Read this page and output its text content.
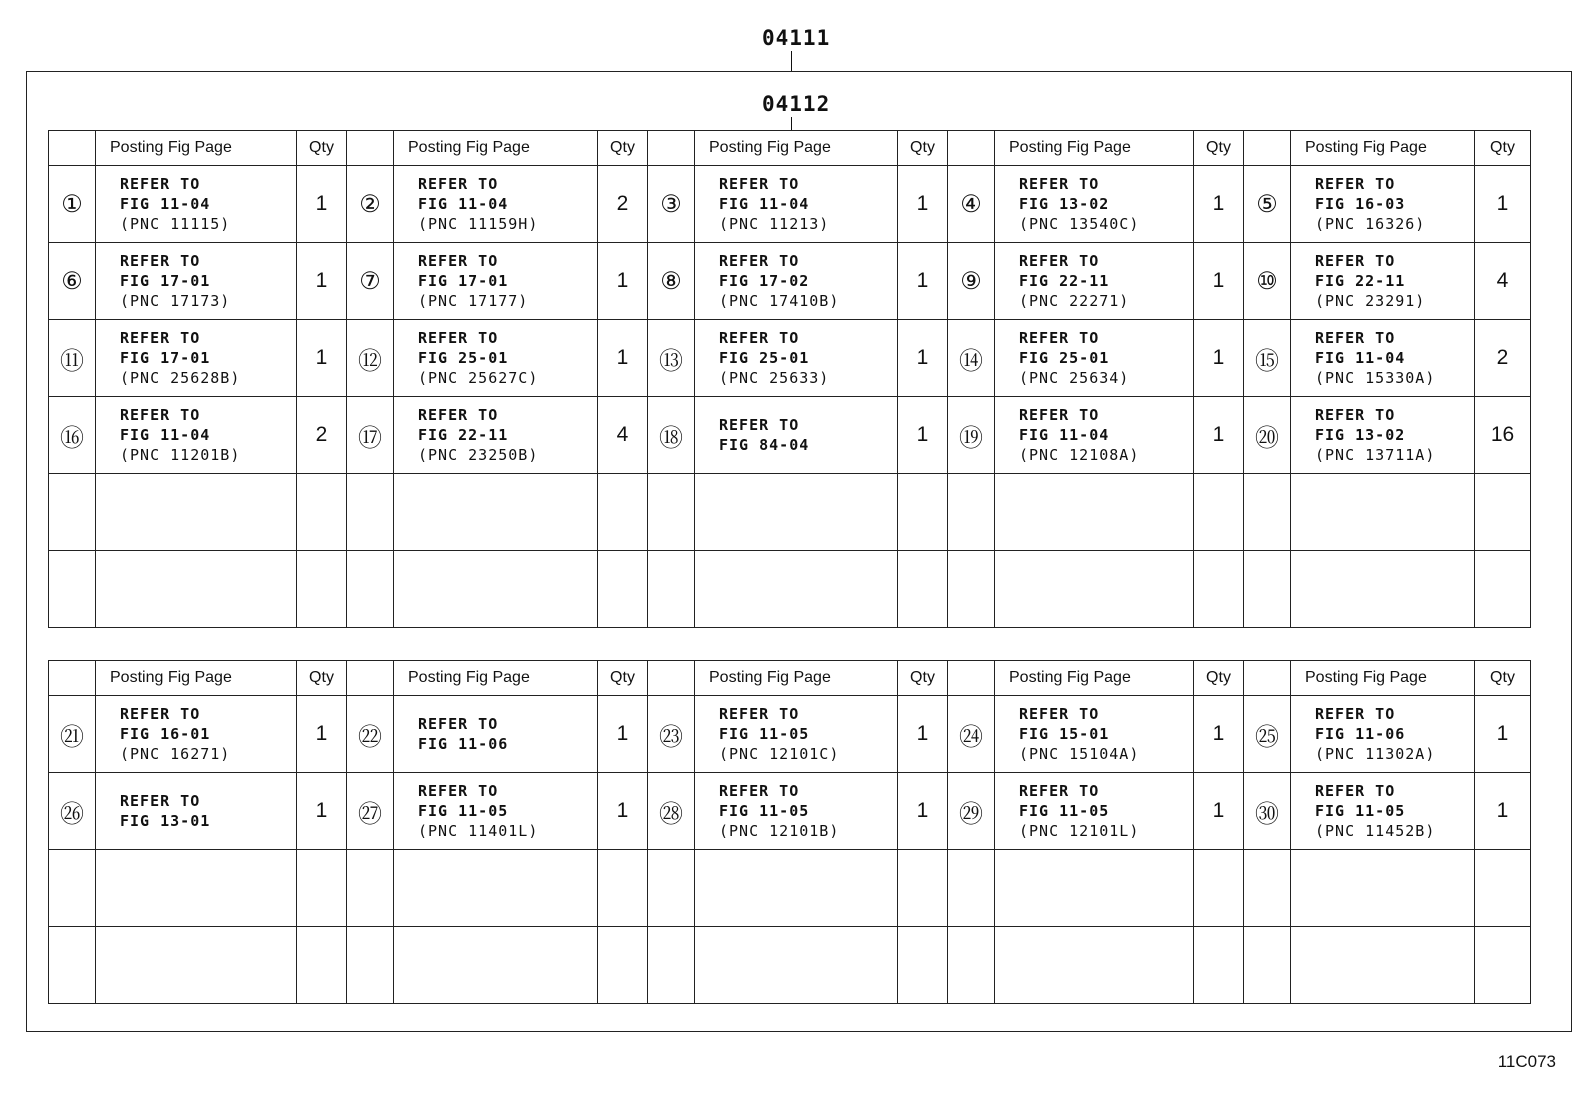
04111
04112
	Posting Fig Page	Qty		Posting Fig Page	Qty		Posting Fig Page	Qty		Posting Fig Page	Qty		Posting Fig Page	Qty
①	REFER TO
FIG 11-04
(PNC 11115)	1	②	REFER TO
FIG 11-04
(PNC 11159H)	2	③	REFER TO
FIG 11-04
(PNC 11213)	1	④	REFER TO
FIG 13-02
(PNC 13540C)	1	⑤	REFER TO
FIG 16-03
(PNC 16326)	1
⑥	REFER TO
FIG 17-01
(PNC 17173)	1	⑦	REFER TO
FIG 17-01
(PNC 17177)	1	⑧	REFER TO
FIG 17-02
(PNC 17410B)	1	⑨	REFER TO
FIG 22-11
(PNC 22271)	1	⑩	REFER TO
FIG 22-11
(PNC 23291)	4
⑪	REFER TO
FIG 17-01
(PNC 25628B)	1	⑫	REFER TO
FIG 25-01
(PNC 25627C)	1	⑬	REFER TO
FIG 25-01
(PNC 25633)	1	⑭	REFER TO
FIG 25-01
(PNC 25634)	1	⑮	REFER TO
FIG 11-04
(PNC 15330A)	2
⑯	REFER TO
FIG 11-04
(PNC 11201B)	2	⑰	REFER TO
FIG 22-11
(PNC 23250B)	4	⑱	REFER TO
FIG 84-04	1	⑲	REFER TO
FIG 11-04
(PNC 12108A)	1	⑳	REFER TO
FIG 13-02
(PNC 13711A)	16

	Posting Fig Page	Qty		Posting Fig Page	Qty		Posting Fig Page	Qty		Posting Fig Page	Qty		Posting Fig Page	Qty
㉑	REFER TO
FIG 16-01
(PNC 16271)	1	㉒	REFER TO
FIG 11-06	1	㉓	REFER TO
FIG 11-05
(PNC 12101C)	1	㉔	REFER TO
FIG 15-01
(PNC 15104A)	1	㉕	REFER TO
FIG 11-06
(PNC 11302A)	1
㉖	REFER TO
FIG 13-01	1	㉗	REFER TO
FIG 11-05
(PNC 11401L)	1	㉘	REFER TO
FIG 11-05
(PNC 12101B)	1	㉙	REFER TO
FIG 11-05
(PNC 12101L)	1	㉚	REFER TO
FIG 11-05
(PNC 11452B)	1

11C073
